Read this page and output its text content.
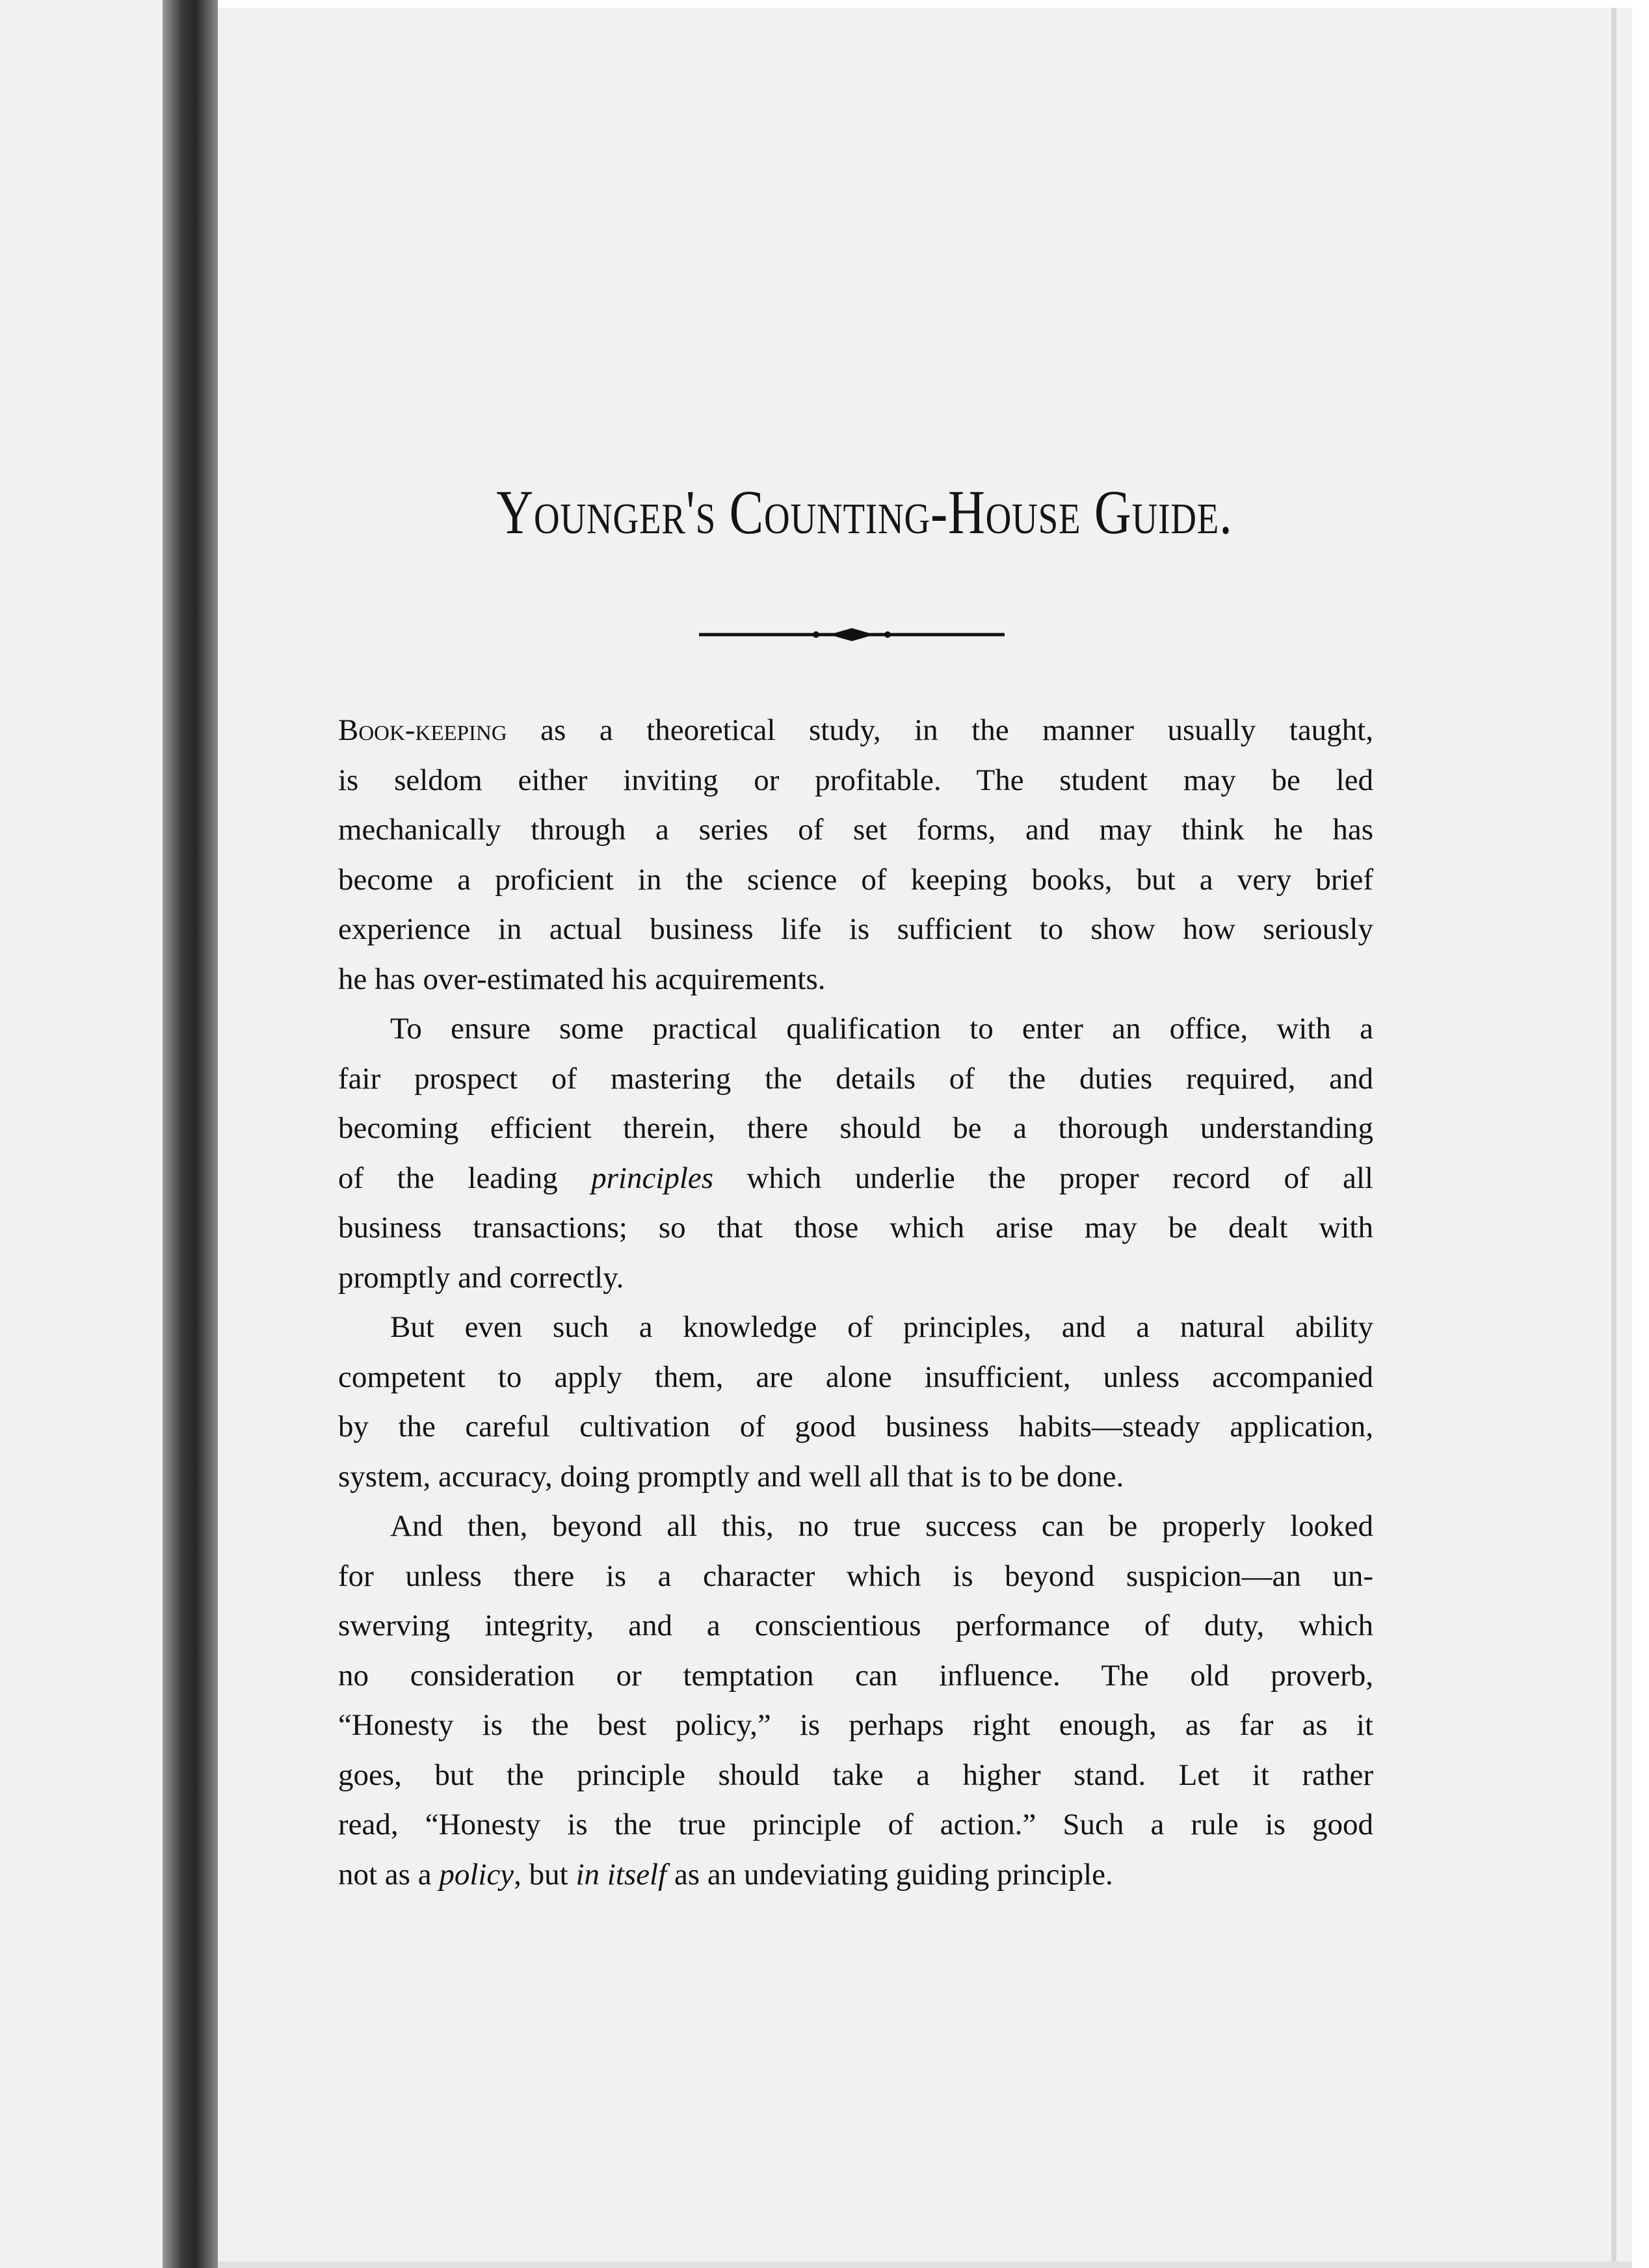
Younger's Counting-House Guide.
Book-keeping as a theoretical study, in the manner usually taught,
is seldom either inviting or profitable. The student may be led
mechanically through a series of set forms, and may think he has
become a proficient in the science of keeping books, but a very brief
experience in actual business life is sufficient to show how seriously
he has over-estimated his acquirements.
To ensure some practical qualification to enter an office, with a
fair prospect of mastering the details of the duties required, and
becoming efficient therein, there should be a thorough understanding
of the leading principles which underlie the proper record of all
business transactions; so that those which arise may be dealt with
promptly and correctly.
But even such a knowledge of principles, and a natural ability
competent to apply them, are alone insufficient, unless accompanied
by the careful cultivation of good business habits—steady application,
system, accuracy, doing promptly and well all that is to be done.
And then, beyond all this, no true success can be properly looked
for unless there is a character which is beyond suspicion—an un-
swerving integrity, and a conscientious performance of duty, which
no consideration or temptation can influence. The old proverb,
“Honesty is the best policy,” is perhaps right enough, as far as it
goes, but the principle should take a higher stand. Let it rather
read, “Honesty is the true principle of action.” Such a rule is good
not as a policy, but in itself as an undeviating guiding principle.
